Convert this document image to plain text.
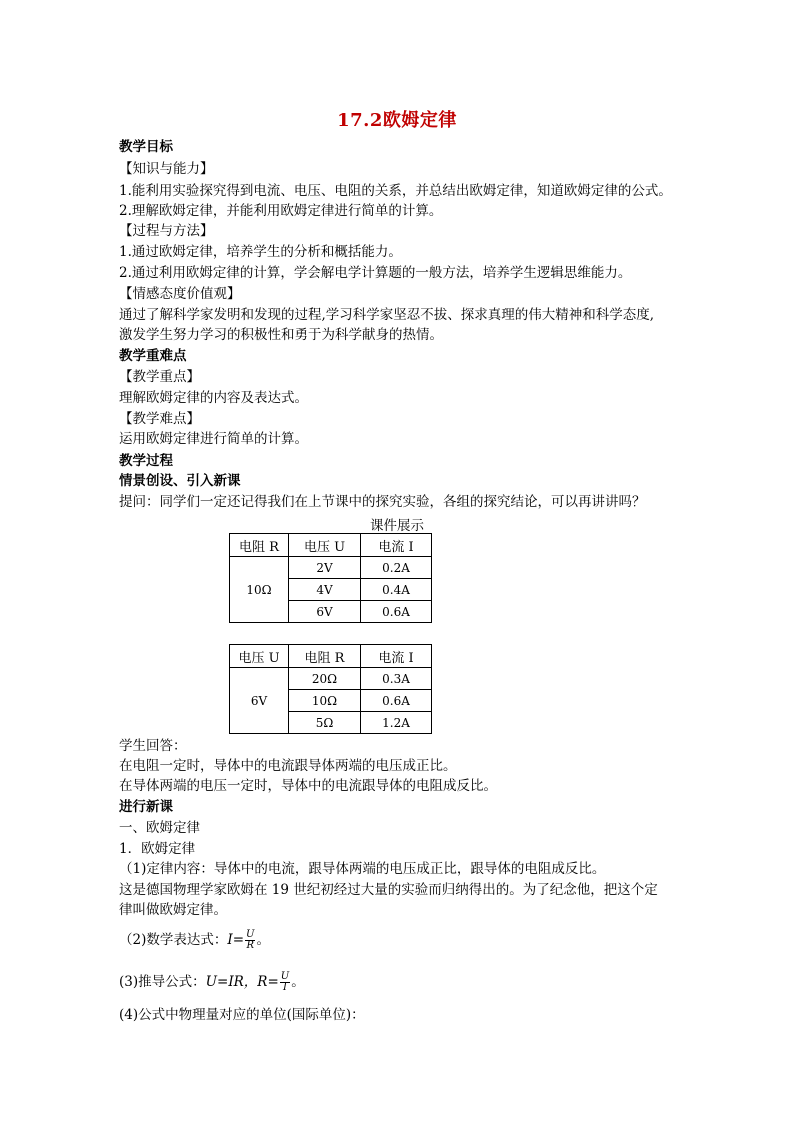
17.2欧姆定律
教学目标
【知识与能力】
1.能利用实验探究得到电流、电压、电阻的关系，并总结出欧姆定律，知道欧姆定律的公式。
2.理解欧姆定律，并能利用欧姆定律进行简单的计算。
【过程与方法】
1.通过欧姆定律，培养学生的分析和概括能力。
2.通过利用欧姆定律的计算，学会解电学计算题的一般方法，培养学生逻辑思维能力。
【情感态度价值观】
通过了解科学家发明和发现的过程,学习科学家坚忍不拔、探求真理的伟大精神和科学态度,
激发学生努力学习的积极性和勇于为科学献身的热情。
教学重难点
【教学重点】
理解欧姆定律的内容及表达式。
【教学难点】
运用欧姆定律进行简单的计算。
教学过程
情景创设、引入新课
提问：同学们一定还记得我们在上节课中的探究实验，各组的探究结论，可以再讲讲吗？
课件展示
电阻 R	电压 U	电流 I
10Ω	2V	0.2A
	4V	0.4A
	6V	0.6A
电压 U	电阻 R	电流 I
6V	20Ω	0.3A
	10Ω	0.6A
	5Ω	1.2A
学生回答：
在电阻一定时，导体中的电流跟导体两端的电压成正比。
在导体两端的电压一定时，导体中的电流跟导体的电阻成反比。
进行新课
一、欧姆定律
1．欧姆定律
（1)定律内容：导体中的电流，跟导体两端的电压成正比，跟导体的电阻成反比。
这是德国物理学家欧姆在 19 世纪初经过大量的实验而归纳得出的。为了纪念他，把这个定
律叫做欧姆定律。
（2)数学表达式：$I= \frac{U}{R}$ 。
(3)推导公式：U=IR，$R= \frac{U}{I}$ 。
(4)公式中物理量对应的单位(国际单位)：
